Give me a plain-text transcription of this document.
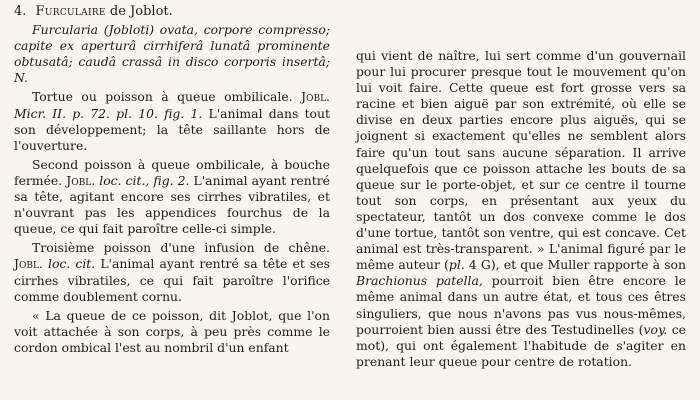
4. Furculaire de Joblot.

Furcularia (Jobloti) ovata, corpore compresso; capite ex aperturâ cirrhiferâ lunatâ prominente obtusatâ; caudâ crassâ in disco corporis insertâ; N.

Tortue ou poisson à queue ombilicale. Jobl. Micr. II. p. 72. pl. 10. fig. 1. L'animal dans tout son développement; la tête saillante hors de l'ouverture.

Second poisson à queue ombilicale, à bouche fermée. Jobl. loc. cit., fig. 2. L'animal ayant rentré sa tête, agitant encore ses cirrhes vibratiles, et n'ouvrant pas les appendices fourchus de la queue, ce qui fait paroître celle-ci simple.

Troisième poisson d'une infusion de chêne. Jobl. loc. cit. L'animal ayant rentré sa tête et ses cirrhes vibratiles, ce qui fait paroître l'orifice comme doublement cornu.

« La queue de ce poisson, dit Joblot, que l'on voit attachée à son corps, à peu près comme le cordon ombical l'est au nombril d'un enfant

qui vient de naître, lui sert comme d'un gouvernail pour lui procurer presque tout le mouvement qu'on lui voit faire. Cette queue est fort grosse vers sa racine et bien aiguë par son extrémité, où elle se divise en deux parties encore plus aiguës, qui se joignent si exactement qu'elles ne semblent alors faire qu'un tout sans aucune séparation. Il arrive quelquefois que ce poisson attache les bouts de sa queue sur le porte-objet, et sur ce centre il tourne tout son corps, en présentant aux yeux du spectateur, tantôt un dos convexe comme le dos d'une tortue, tantôt son ventre, qui est concave. Cet animal est très-transparent. » L'animal figuré par le même auteur (pl. 4 G), et que Muller rapporte à son Brachionus patella, pourroit bien être encore le même animal dans un autre état, et tous ces êtres singuliers, que nous n'avons pas vus nous-mêmes, pourroient bien aussi être des Testudinelles (voy. ce mot), qui ont également l'habitude de s'agiter en prenant leur queue pour centre de rotation.
